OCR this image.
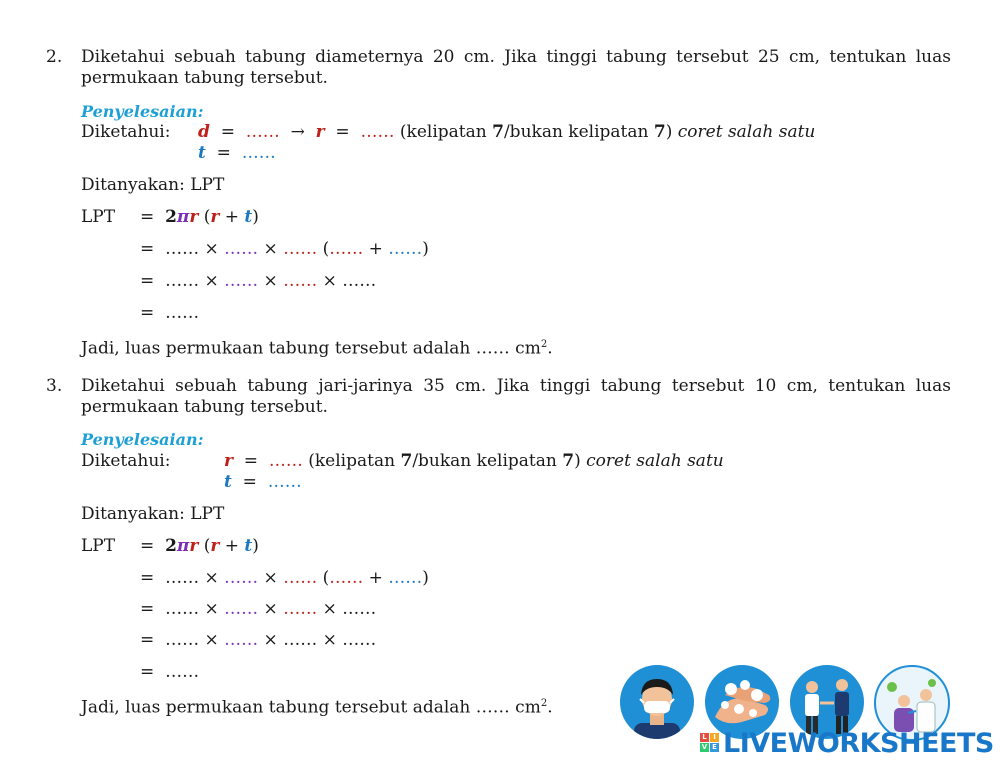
2. Diketahui sebuah tabung diameternya 20 cm. Jika tinggi tabung tersebut 25 cm, tentukan luas permukaan tabung tersebut.
Penyelesaian:
Diketahui: d = …… → r = …… (kelipatan 7/bukan kelipatan 7) coret salah satu
t = ……
Ditanyakan: LPT
LPT = 2πr (r + t)
= …… × …… × …… (…… + ……)
= …… × …… × …… × ……
= ……
Jadi, luas permukaan tabung tersebut adalah …… $cm^2$.
3. Diketahui sebuah tabung jari-jarinya 35 cm. Jika tinggi tabung tersebut 10 cm, tentukan luas permukaan tabung tersebut.
Penyelesaian:
Diketahui:	r = …… (kelipatan 7/bukan kelipatan 7) coret salah satu
t = ……
Ditanyakan: LPT
LPT = 2πr (r + t)
= …… × …… × …… (…… + ……)
= …… × …… × …… × ……
= …… × …… × …… × ……
= ……
Jadi, luas permukaan tabung tersebut adalah …… $cm^2$.
L I
V E LIVEWORKSHEETS
